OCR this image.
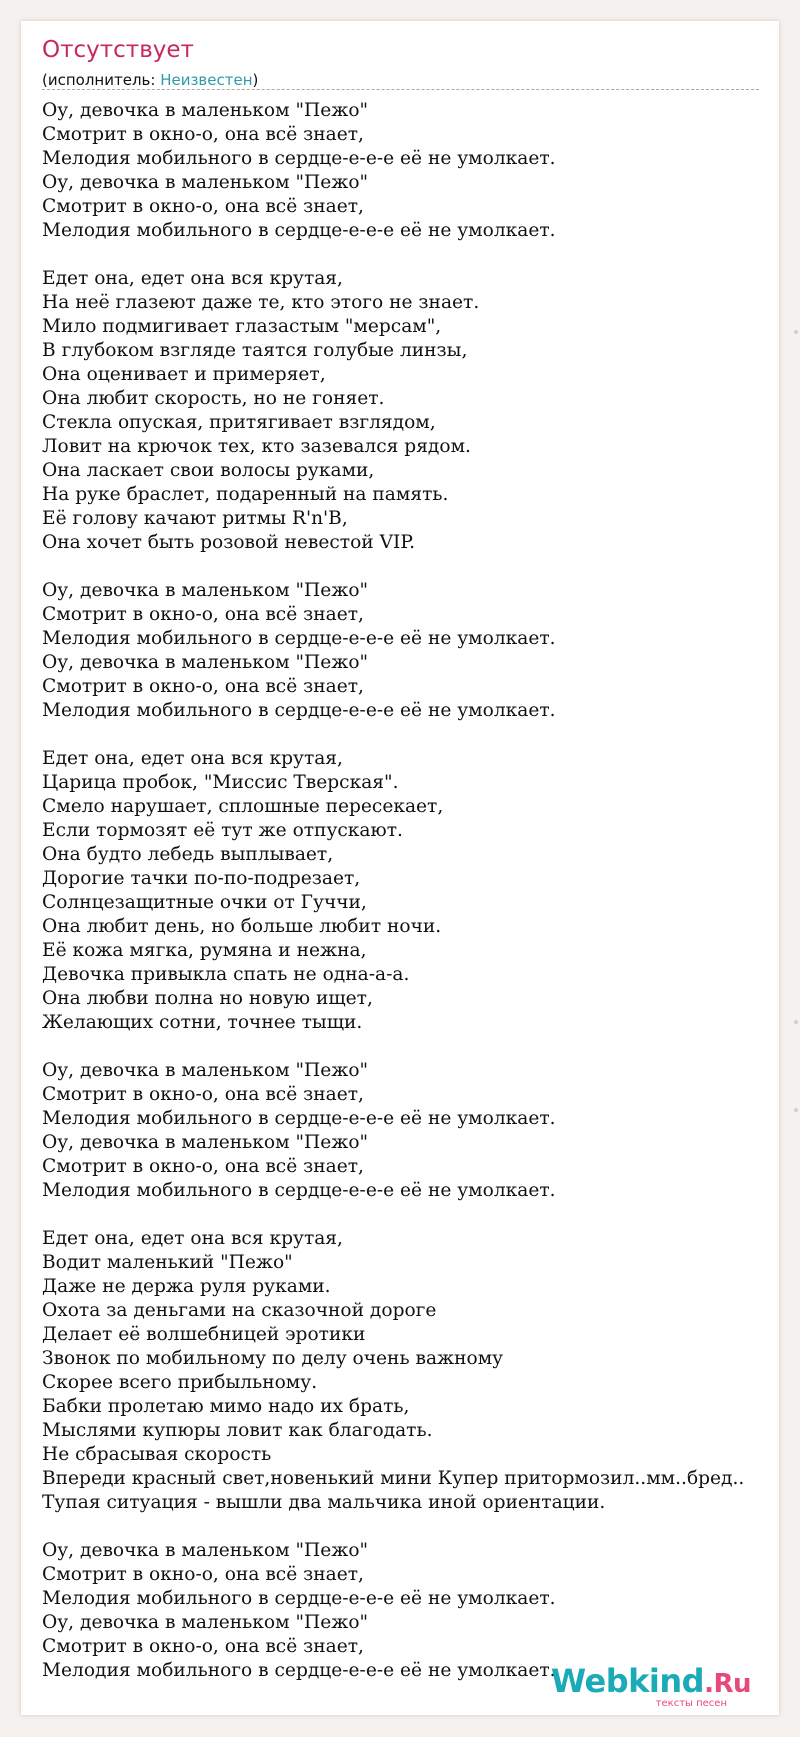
Отсутствует
(исполнитель: Неизвестен)
Оу, девочка в маленьком "Пежо"
Смотрит в окно-о, она всё знает,
Мелодия мобильного в сердце-е-е-е её не умолкает.
Оу, девочка в маленьком "Пежо"
Смотрит в окно-о, она всё знает,
Мелодия мобильного в сердце-е-е-е её не умолкает.
Едет она, едет она вся крутая,
На неё глазеют даже те, кто этого не знает.
Мило подмигивает глазастым "мерсам",
В глубоком взгляде таятся голубые линзы,
Она оценивает и примеряет,
Она любит скорость, но не гоняет.
Стекла опуская, притягивает взглядом,
Ловит на крючок тех, кто зазевался рядом.
Она ласкает свои волосы руками,
На руке браслет, подаренный на память.
Её голову качают ритмы R'n'B,
Она хочет быть розовой невестой VIP.
Оу, девочка в маленьком "Пежо"
Смотрит в окно-о, она всё знает,
Мелодия мобильного в сердце-е-е-е её не умолкает.
Оу, девочка в маленьком "Пежо"
Смотрит в окно-о, она всё знает,
Мелодия мобильного в сердце-е-е-е её не умолкает.
Едет она, едет она вся крутая,
Царица пробок, "Миссис Тверская".
Смело нарушает, сплошные пересекает,
Если тормозят её тут же отпускают.
Она будто лебедь выплывает,
Дорогие тачки по-по-подрезает,
Солнцезащитные очки от Гуччи,
Она любит день, но больше любит ночи.
Её кожа мягка, румяна и нежна,
Девочка привыкла спать не одна-а-а.
Она любви полна но новую ищет,
Желающих сотни, точнее тыщи.
Оу, девочка в маленьком "Пежо"
Смотрит в окно-о, она всё знает,
Мелодия мобильного в сердце-е-е-е её не умолкает.
Оу, девочка в маленьком "Пежо"
Смотрит в окно-о, она всё знает,
Мелодия мобильного в сердце-е-е-е её не умолкает.
Едет она, едет она вся крутая,
Водит маленький "Пежо"
Даже не держа руля руками.
Охота за деньгами на сказочной дороге
Делает её волшебницей эротики
Звонок по мобильному по делу очень важному
Скорее всего прибыльному.
Бабки пролетаю мимо надо их брать,
Мыслями купюры ловит как благодать.
Не сбрасывая скорость
Впереди красный свет,новенький мини Купер притормозил..мм..бред..
Тупая ситуация - вышли два мальчика иной ориентации.
Оу, девочка в маленьком "Пежо"
Смотрит в окно-о, она всё знает,
Мелодия мобильного в сердце-е-е-е её не умолкает.
Оу, девочка в маленьком "Пежо"
Смотрит в окно-о, она всё знает,
Мелодия мобильного в сердце-е-е-е её не умолкает.
Webkind.Ru
тексты песен
